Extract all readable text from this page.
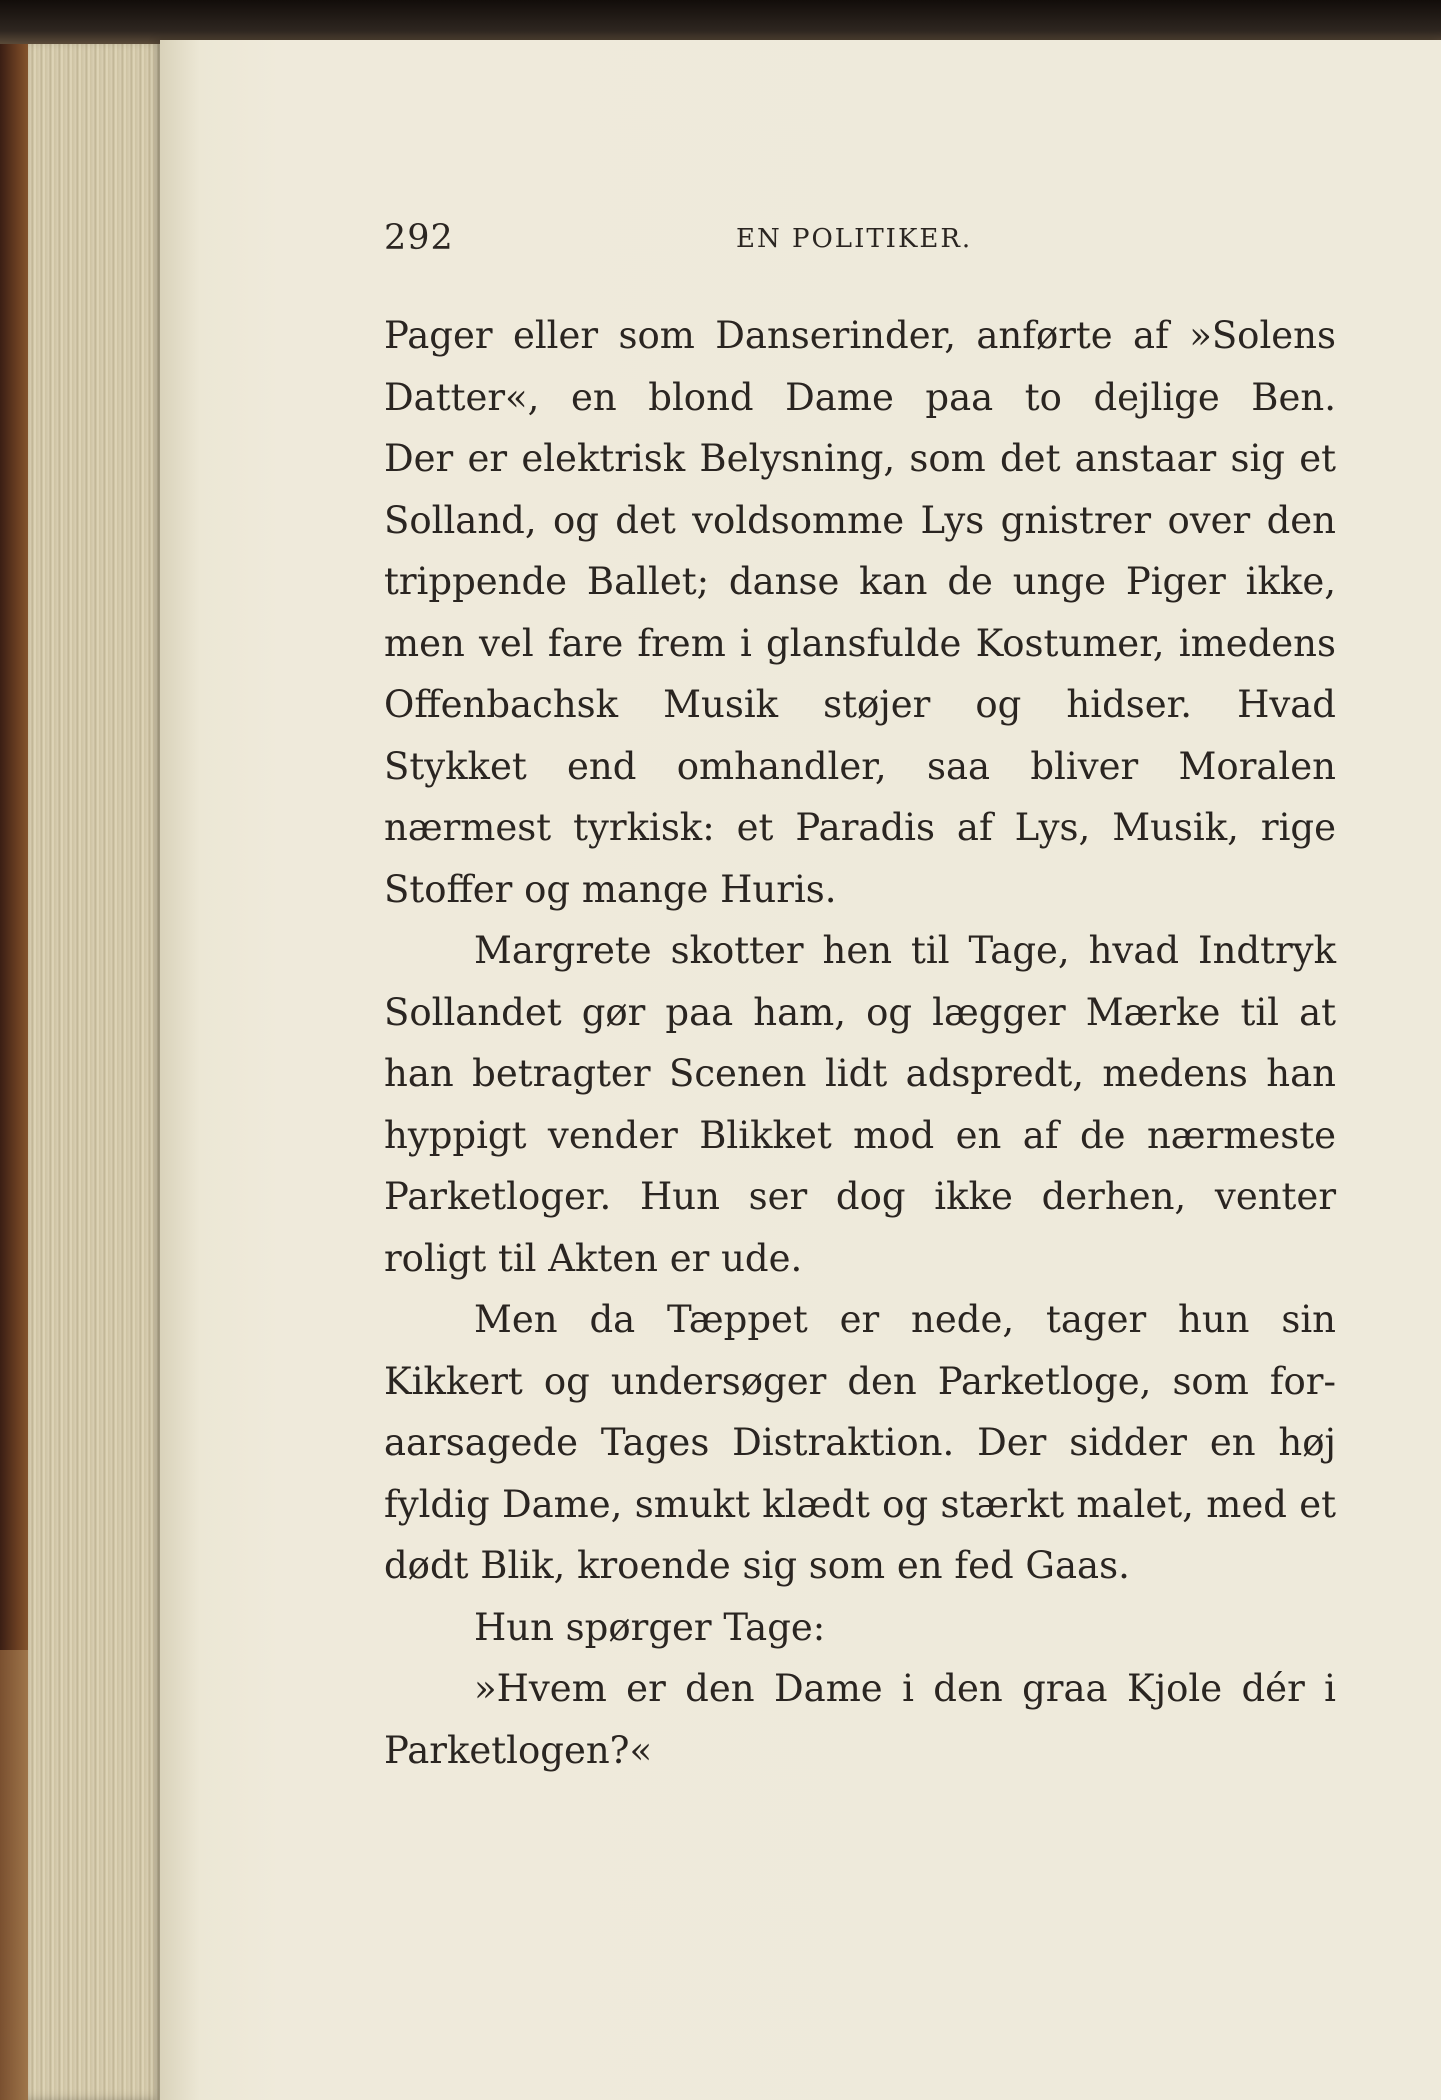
292	EN POLITIKER.
Pager eller som Danserinder, anførte af »Solens
Datter«, en blond Dame paa to dejlige Ben.
Der er elektrisk Belysning, som det anstaar sig et
Solland, og det voldsomme Lys gnistrer over den
trippende Ballet; danse kan de unge Piger ikke,
men vel fare frem i glansfulde Kostumer, imedens
Offenbachsk Musik støjer og hidser. Hvad
Stykket end omhandler, saa bliver Moralen
nærmest tyrkisk: et Paradis af Lys, Musik, rige
Stoffer og mange Huris.
Margrete skotter hen til Tage, hvad Indtryk
Sollandet gør paa ham, og lægger Mærke til at
han betragter Scenen lidt adspredt, medens han
hyppigt vender Blikket mod en af de nærmeste
Parketloger. Hun ser dog ikke derhen, venter
roligt til Akten er ude.
Men da Tæppet er nede, tager hun sin
Kikkert og undersøger den Parketloge, som for-
aarsagede Tages Distraktion. Der sidder en høj
fyldig Dame, smukt klædt og stærkt malet, med et
dødt Blik, kroende sig som en fed Gaas.
Hun spørger Tage:
»Hvem er den Dame i den graa Kjole dér i
Parketlogen?«
